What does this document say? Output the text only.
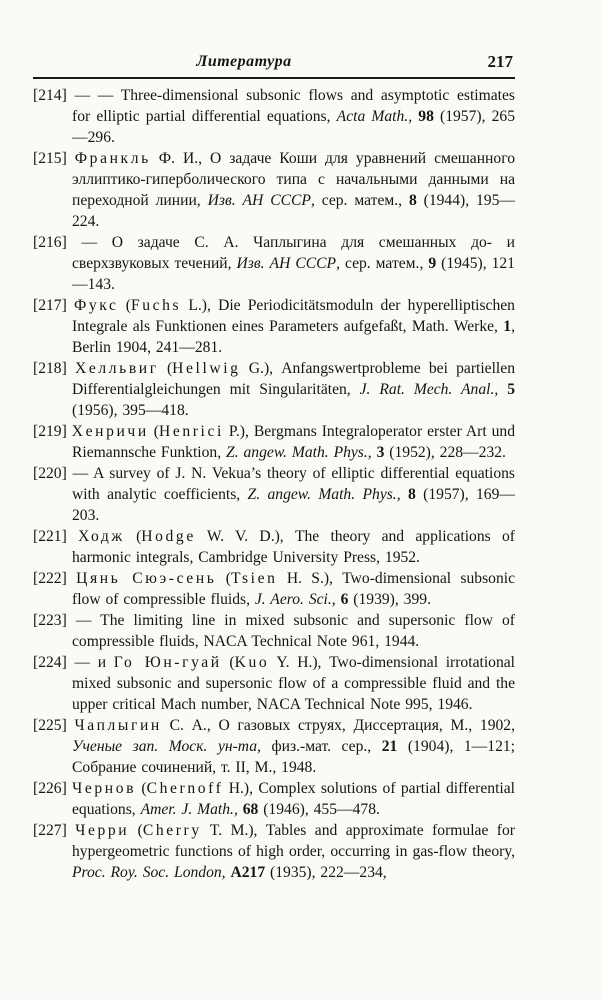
Литература	217

[214] — — Three-dimensional subsonic flows and asymptotic estimates for elliptic partial differential equations, Acta Math., 98 (1957), 265—296.

[215] Франкль Ф. И., О задаче Коши для уравнений смешанного эллиптико-гиперболического типа с начальными данными на переходной линии, Изв. АН СССР, сер. матем., 8 (1944), 195—224.

[216] — О задаче С. А. Чаплыгина для смешанных до- и сверхзвуковых течений, Изв. АН СССР, сер. матем., 9 (1945), 121—143.

[217] Фукс (Fuchs L.), Die Periodicitätsmoduln der hyperelliptischen Integrale als Funktionen eines Parameters aufgefaßt, Math. Werke, 1, Berlin 1904, 241—281.

[218] Хелльвиг (Hellwig G.), Anfangswertprobleme bei partiellen Differentialgleichungen mit Singularitäten, J. Rat. Mech. Anal., 5 (1956), 395—418.

[219] Хенричи (Henrici P.), Bergmans Integraloperator erster Art und Riemannsche Funktion, Z. angew. Math. Phys., 3 (1952), 228—232.

[220] — A survey of J. N. Vekua’s theory of elliptic differential equations with analytic coefficients, Z. angew. Math. Phys., 8 (1957), 169—203.

[221] Ходж (Hodge W. V. D.), The theory and applications of harmonic integrals, Cambridge University Press, 1952.

[222] Цянь Сюэ-сень (Tsien H. S.), Two-dimensional subsonic flow of compressible fluids, J. Aero. Sci., 6 (1939), 399.

[223] — The limiting line in mixed subsonic and supersonic flow of compressible fluids, NACA Technical Note 961, 1944.

[224] — и Го Юн-гуай (Kuo Y. H.), Two-dimensional irrotational mixed subsonic and supersonic flow of a compressible fluid and the upper critical Mach number, NACA Technical Note 995, 1946.

[225] Чаплыгин С. А., О газовых струях, Диссертация, М., 1902, Ученые зап. Моск. ун-та, физ.-мат. сер., 21 (1904), 1—121; Собрание сочинений, т. II, М., 1948.

[226] Чернов (Chernoff H.), Complex solutions of partial differential equations, Amer. J. Math., 68 (1946), 455—478.

[227] Черри (Cherry T. M.), Tables and approximate formulae for hypergeometric functions of high order, occurring in gas-flow theory, Proc. Roy. Soc. London, A217 (1935), 222—234,
